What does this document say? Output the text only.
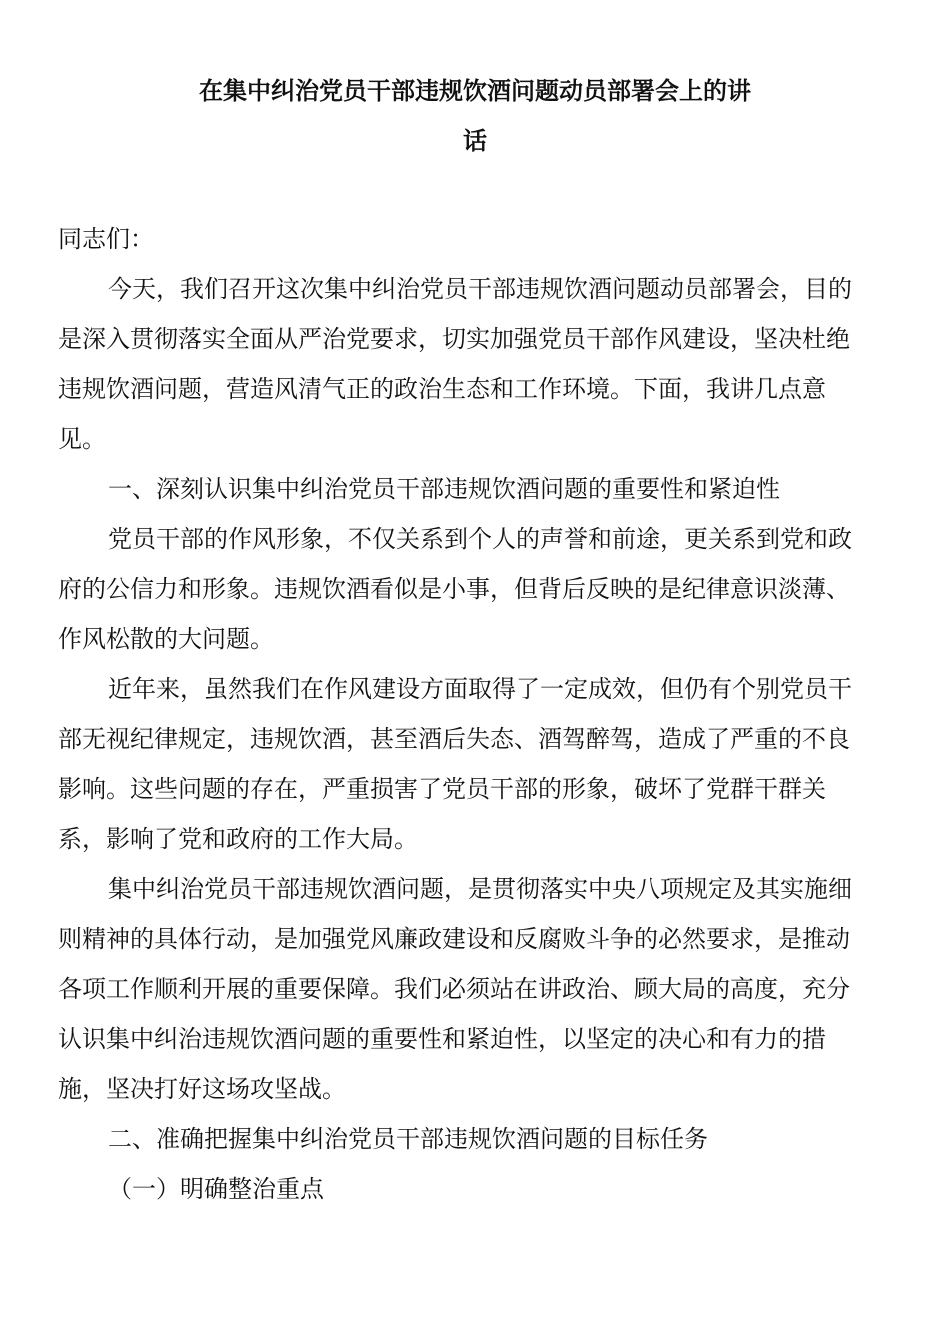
在集中纠治党员干部违规饮酒问题动员部署会上的讲
话
同志们：
今天，我们召开这次集中纠治党员干部违规饮酒问题动员部署会，目的
是深入贯彻落实全面从严治党要求，切实加强党员干部作风建设，坚决杜绝
违规饮酒问题，营造风清气正的政治生态和工作环境。下面，我讲几点意
见。
一、深刻认识集中纠治党员干部违规饮酒问题的重要性和紧迫性
党员干部的作风形象，不仅关系到个人的声誉和前途，更关系到党和政
府的公信力和形象。违规饮酒看似是小事，但背后反映的是纪律意识淡薄、
作风松散的大问题。
近年来，虽然我们在作风建设方面取得了一定成效，但仍有个别党员干
部无视纪律规定，违规饮酒，甚至酒后失态、酒驾醉驾，造成了严重的不良
影响。这些问题的存在，严重损害了党员干部的形象，破坏了党群干群关
系，影响了党和政府的工作大局。
集中纠治党员干部违规饮酒问题，是贯彻落实中央八项规定及其实施细
则精神的具体行动，是加强党风廉政建设和反腐败斗争的必然要求，是推动
各项工作顺利开展的重要保障。我们必须站在讲政治、顾大局的高度，充分
认识集中纠治违规饮酒问题的重要性和紧迫性，以坚定的决心和有力的措
施，坚决打好这场攻坚战。
二、准确把握集中纠治党员干部违规饮酒问题的目标任务
（一）明确整治重点
